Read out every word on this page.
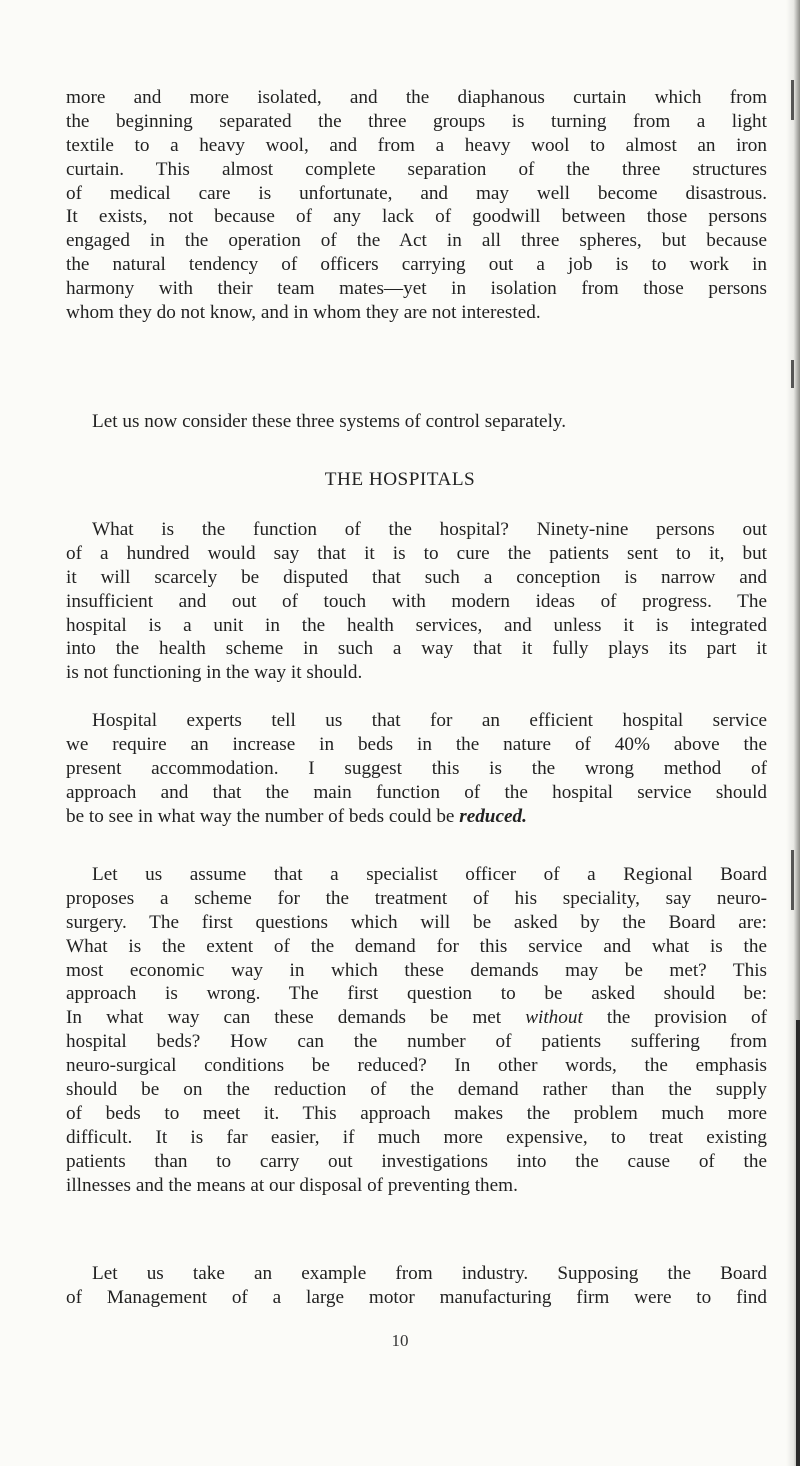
more and more isolated, and the diaphanous curtain which from
the beginning separated the three groups is turning from a light
textile to a heavy wool, and from a heavy wool to almost an iron
curtain. This almost complete separation of the three structures
of medical care is unfortunate, and may well become disastrous.
It exists, not because of any lack of goodwill between those persons
engaged in the operation of the Act in all three spheres, but because
the natural tendency of officers carrying out a job is to work in
harmony with their team mates—yet in isolation from those persons
whom they do not know, and in whom they are not interested.
Let us now consider these three systems of control separately.
THE HOSPITALS
What is the function of the hospital? Ninety-nine persons out
of a hundred would say that it is to cure the patients sent to it, but
it will scarcely be disputed that such a conception is narrow and
insufficient and out of touch with modern ideas of progress. The
hospital is a unit in the health services, and unless it is integrated
into the health scheme in such a way that it fully plays its part it
is not functioning in the way it should.
Hospital experts tell us that for an efficient hospital service
we require an increase in beds in the nature of 40% above the
present accommodation. I suggest this is the wrong method of
approach and that the main function of the hospital service should
be to see in what way the number of beds could be reduced.
Let us assume that a specialist officer of a Regional Board
proposes a scheme for the treatment of his speciality, say neuro-
surgery. The first questions which will be asked by the Board are:
What is the extent of the demand for this service and what is the
most economic way in which these demands may be met? This
approach is wrong. The first question to be asked should be:
In what way can these demands be met without the provision of
hospital beds? How can the number of patients suffering from
neuro-surgical conditions be reduced? In other words, the emphasis
should be on the reduction of the demand rather than the supply
of beds to meet it. This approach makes the problem much more
difficult. It is far easier, if much more expensive, to treat existing
patients than to carry out investigations into the cause of the
illnesses and the means at our disposal of preventing them.
Let us take an example from industry. Supposing the Board
of Management of a large motor manufacturing firm were to find
10
